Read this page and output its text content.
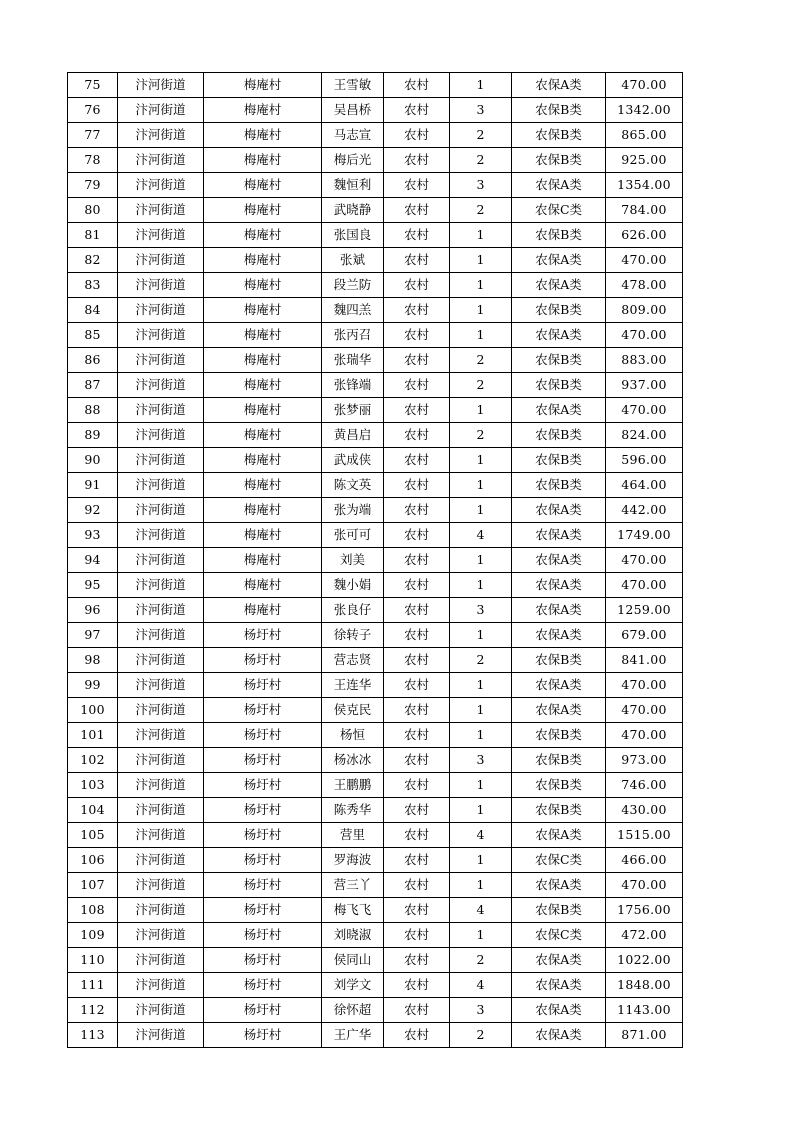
75	汴河街道	梅庵村	王雪敏	农村	1	农保A类	470.00
76	汴河街道	梅庵村	吴昌桥	农村	3	农保B类	1342.00
77	汴河街道	梅庵村	马志宣	农村	2	农保B类	865.00
78	汴河街道	梅庵村	梅后光	农村	2	农保B类	925.00
79	汴河街道	梅庵村	魏恒利	农村	3	农保A类	1354.00
80	汴河街道	梅庵村	武晓静	农村	2	农保C类	784.00
81	汴河街道	梅庵村	张国良	农村	1	农保B类	626.00
82	汴河街道	梅庵村	张斌	农村	1	农保A类	470.00
83	汴河街道	梅庵村	段兰防	农村	1	农保A类	478.00
84	汴河街道	梅庵村	魏四羔	农村	1	农保B类	809.00
85	汴河街道	梅庵村	张丙召	农村	1	农保A类	470.00
86	汴河街道	梅庵村	张瑞华	农村	2	农保B类	883.00
87	汴河街道	梅庵村	张锋端	农村	2	农保B类	937.00
88	汴河街道	梅庵村	张梦丽	农村	1	农保A类	470.00
89	汴河街道	梅庵村	黄昌启	农村	2	农保B类	824.00
90	汴河街道	梅庵村	武成侠	农村	1	农保B类	596.00
91	汴河街道	梅庵村	陈文英	农村	1	农保B类	464.00
92	汴河街道	梅庵村	张为端	农村	1	农保A类	442.00
93	汴河街道	梅庵村	张可可	农村	4	农保A类	1749.00
94	汴河街道	梅庵村	刘美	农村	1	农保A类	470.00
95	汴河街道	梅庵村	魏小娟	农村	1	农保A类	470.00
96	汴河街道	梅庵村	张良仔	农村	3	农保A类	1259.00
97	汴河街道	杨圩村	徐转子	农村	1	农保A类	679.00
98	汴河街道	杨圩村	营志贤	农村	2	农保B类	841.00
99	汴河街道	杨圩村	王连华	农村	1	农保A类	470.00
100	汴河街道	杨圩村	侯克民	农村	1	农保A类	470.00
101	汴河街道	杨圩村	杨恒	农村	1	农保B类	470.00
102	汴河街道	杨圩村	杨冰冰	农村	3	农保B类	973.00
103	汴河街道	杨圩村	王鹏鹏	农村	1	农保B类	746.00
104	汴河街道	杨圩村	陈秀华	农村	1	农保B类	430.00
105	汴河街道	杨圩村	营里	农村	4	农保A类	1515.00
106	汴河街道	杨圩村	罗海波	农村	1	农保C类	466.00
107	汴河街道	杨圩村	营三丫	农村	1	农保A类	470.00
108	汴河街道	杨圩村	梅飞飞	农村	4	农保B类	1756.00
109	汴河街道	杨圩村	刘晓淑	农村	1	农保C类	472.00
110	汴河街道	杨圩村	侯同山	农村	2	农保A类	1022.00
111	汴河街道	杨圩村	刘学文	农村	4	农保A类	1848.00
112	汴河街道	杨圩村	徐怀超	农村	3	农保A类	1143.00
113	汴河街道	杨圩村	王广华	农村	2	农保A类	871.00
